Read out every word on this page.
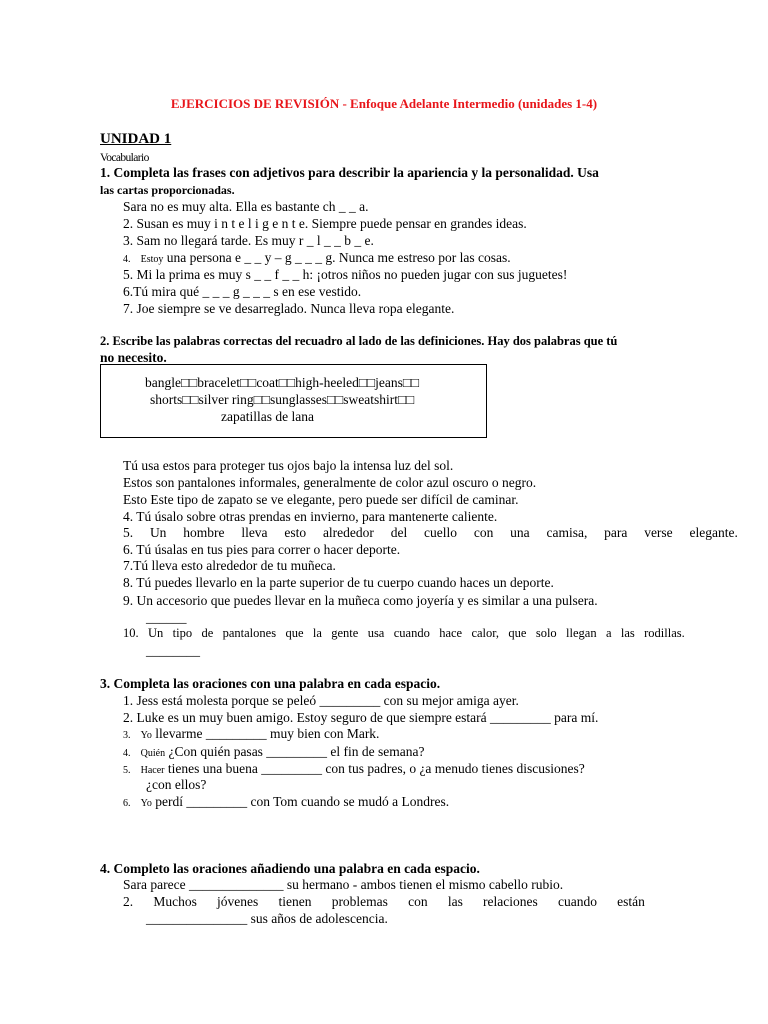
EJERCICIOS DE REVISIÓN - Enfoque Adelante Intermedio (unidades 1-4)
UNIDAD 1
Vocabulario
1. Completa las frases con adjetivos para describir la apariencia y la personalidad. Usa
las cartas proporcionadas.
Sara no es muy alta. Ella es bastante ch _ _ a.
2. Susan es muy i n t e l i g e n t e. Siempre puede pensar en grandes ideas.
3. Sam no llegará tarde. Es muy r _ l _ _ b _ e.
4. Estoy una persona e _ _ y – g _ _ _ g. Nunca me estreso por las cosas.
5. Mi la prima es muy s _ _ f _ _ h: ¡otros niños no pueden jugar con sus juguetes!
6.Tú mira qué _ _ _ g _ _ _ s en ese vestido.
7. Joe siempre se ve desarreglado. Nunca lleva ropa elegante.
2. Escribe las palabras correctas del recuadro al lado de las definiciones. Hay dos palabras que tú
no necesito.
bangle□□bracelet□□coat□□high-heeled□□jeans□□
shorts□□silver ring□□sunglasses□□sweatshirt□□
zapatillas de lana
Tú usa estos para proteger tus ojos bajo la intensa luz del sol.
Estos son pantalones informales, generalmente de color azul oscuro o negro.
Esto Este tipo de zapato se ve elegante, pero puede ser difícil de caminar.
4. Tú úsalo sobre otras prendas en invierno, para mantenerte caliente.
5. Un hombre lleva esto alrededor del cuello con una camisa, para verse elegante.
6. Tú úsalas en tus pies para correr o hacer deporte.
7.Tú lleva esto alrededor de tu muñeca.
8. Tú puedes llevarlo en la parte superior de tu cuerpo cuando haces un deporte.
9. Un accesorio que puedes llevar en la muñeca como joyería y es similar a una pulsera.
______
10. Un tipo de pantalones que la gente usa cuando hace calor, que solo llegan a las rodillas.
________
3. Completa las oraciones con una palabra en cada espacio.
1. Jess está molesta porque se peleó _________ con su mejor amiga ayer.
2. Luke es un muy buen amigo. Estoy seguro de que siempre estará _________ para mí.
3. Yo llevarme _________ muy bien con Mark.
4. Quién ¿Con quién pasas _________ el fin de semana?
5. Hacer tienes una buena _________ con tus padres, o ¿a menudo tienes discusiones?
¿con ellos?
6. Yo perdí _________ con Tom cuando se mudó a Londres.
4. Completo las oraciones añadiendo una palabra en cada espacio.
Sara parece ______________ su hermano - ambos tienen el mismo cabello rubio.
2. Muchos jóvenes tienen problemas con las relaciones cuando están
_______________ sus años de adolescencia.
